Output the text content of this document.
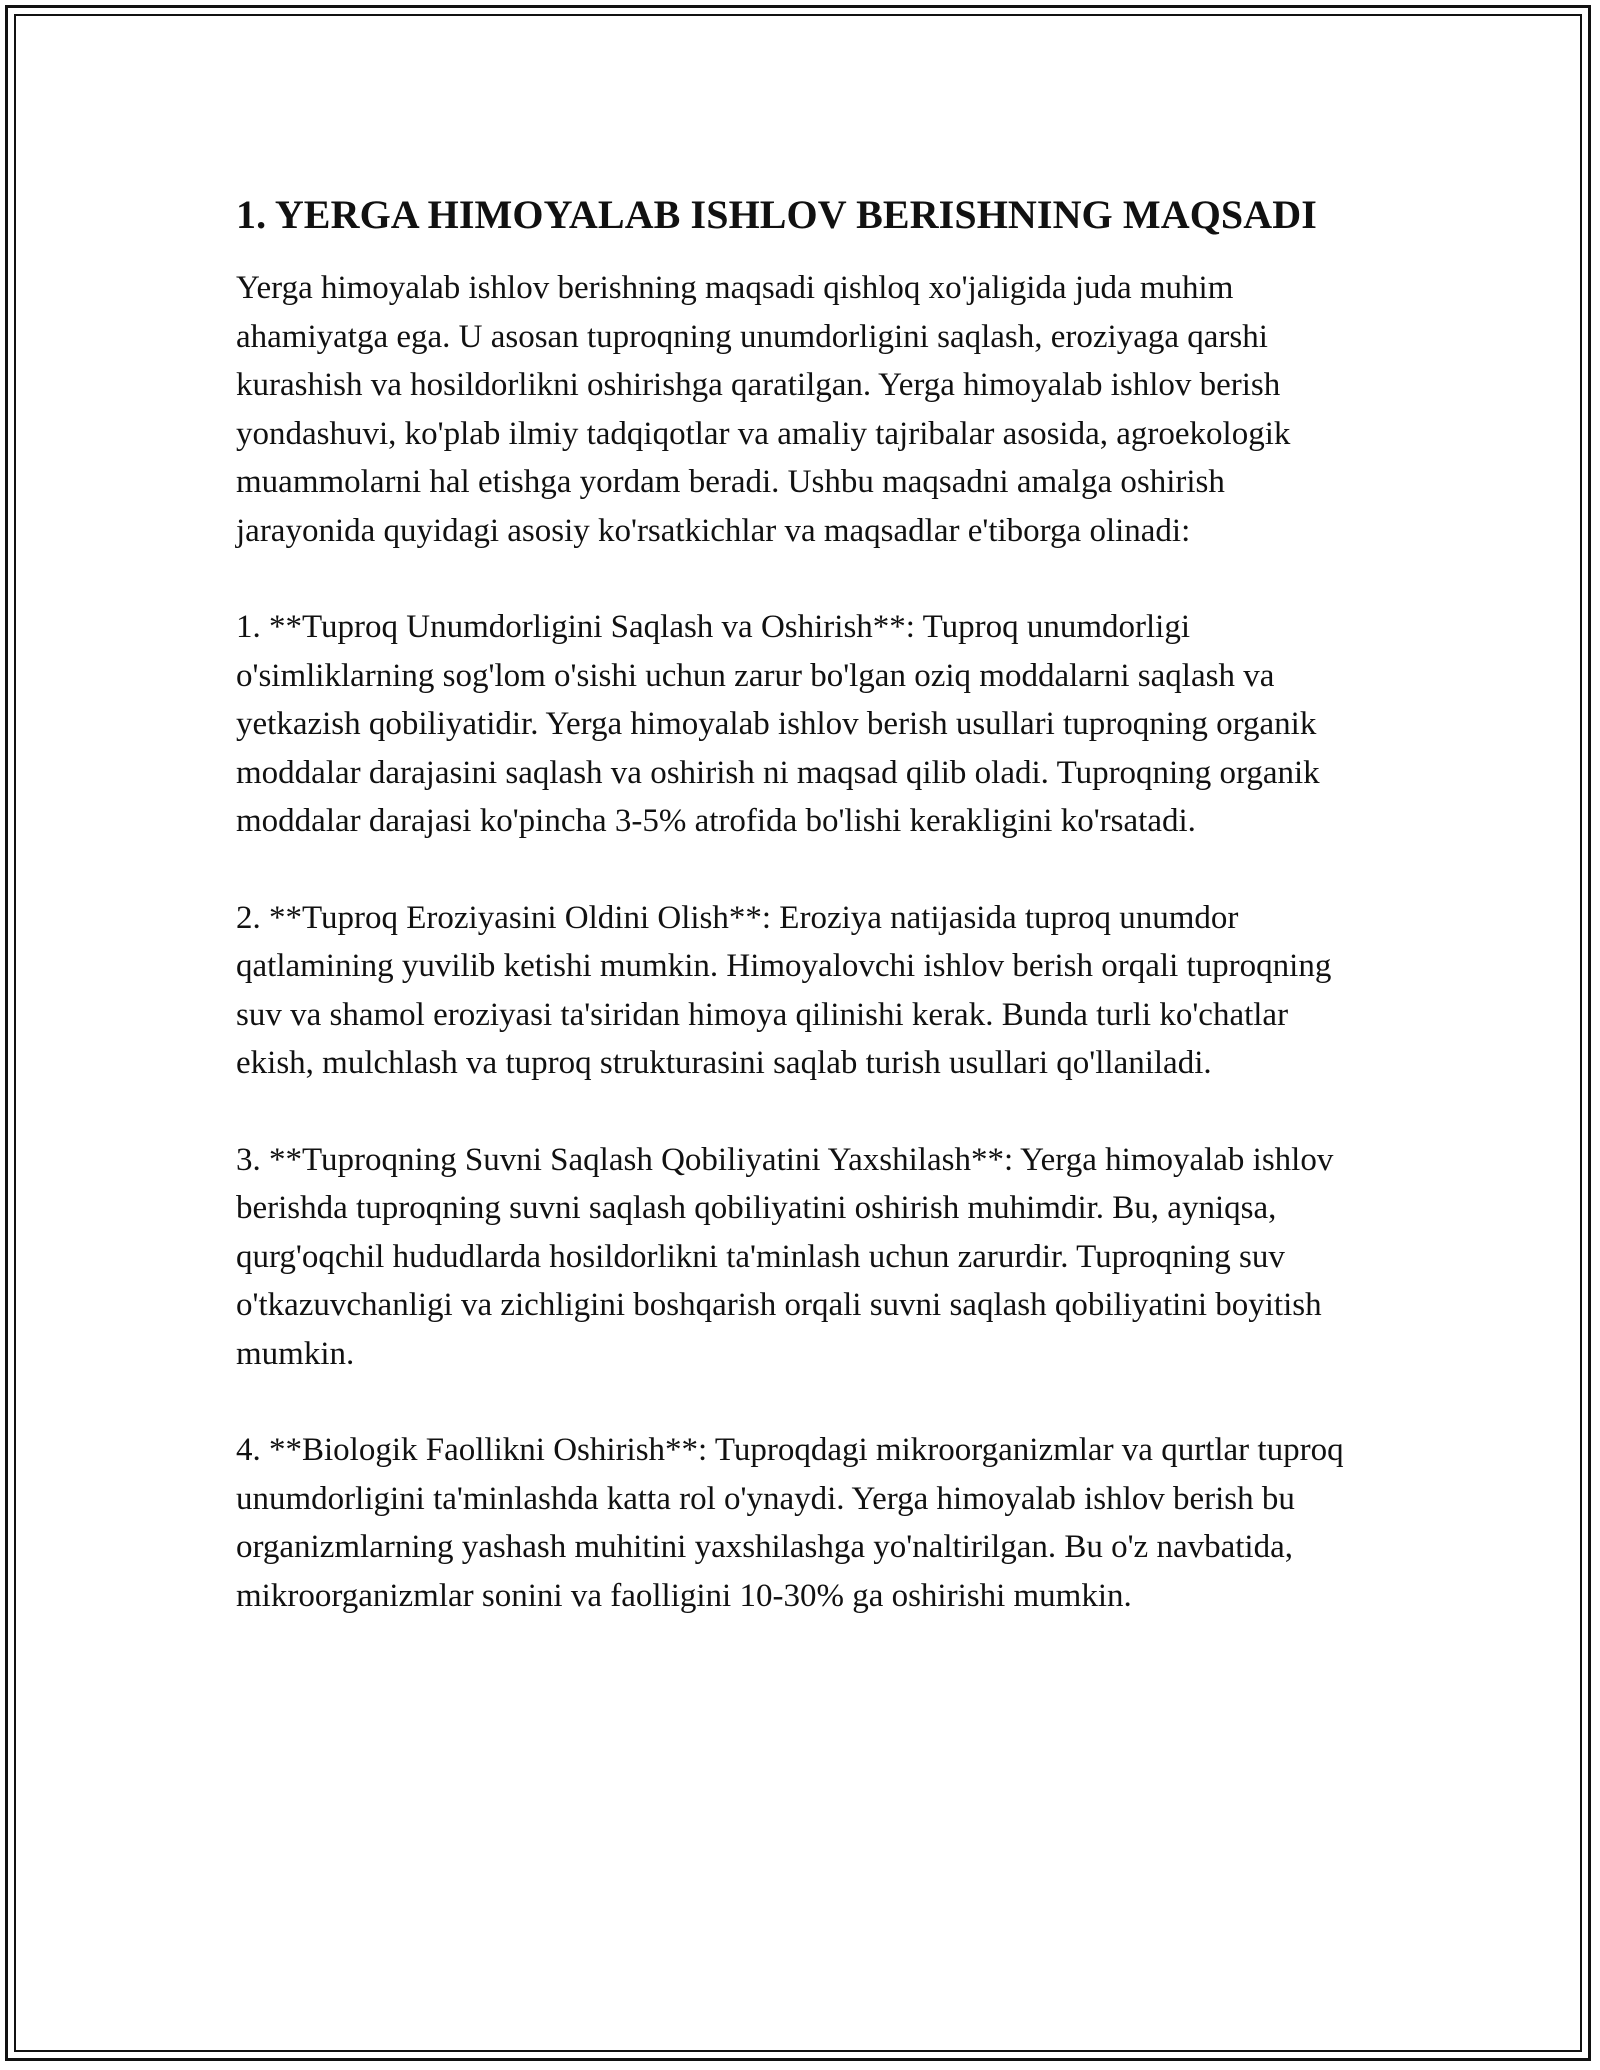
1. YERGA HIMOYALAB ISHLOV BERISHNING MAQSADI

Yerga himoyalab ishlov berishning maqsadi qishloq xo'jaligida juda muhim ahamiyatga ega. U asosan tuproqning unumdorligini saqlash, eroziyaga qarshi kurashish va hosildorlikni oshirishga qaratilgan. Yerga himoyalab ishlov berish yondashuvi, ko'plab ilmiy tadqiqotlar va amaliy tajribalar asosida, agroekologik muammolarni hal etishga yordam beradi. Ushbu maqsadni amalga oshirish jarayonida quyidagi asosiy ko'rsatkichlar va maqsadlar e'tiborga olinadi:

1. **Tuproq Unumdorligini Saqlash va Oshirish**: Tuproq unumdorligi o'simliklarning sog'lom o'sishi uchun zarur bo'lgan oziq moddalarni saqlash va yetkazish qobiliyatidir. Yerga himoyalab ishlov berish usullari tuproqning organik moddalar darajasini saqlash va oshirish ni maqsad qilib oladi. Tuproqning organik moddalar darajasi ko'pincha 3-5% atrofida bo'lishi kerakligini ko'rsatadi.

2. **Tuproq Eroziyasini Oldini Olish**: Eroziya natijasida tuproq unumdor qatlamining yuvilib ketishi mumkin. Himoyalovchi ishlov berish orqali tuproqning suv va shamol eroziyasi ta'siridan himoya qilinishi kerak. Bunda turli ko'chatlar ekish, mulchlash va tuproq strukturasini saqlab turish usullari qo'llaniladi.

3. **Tuproqning Suvni Saqlash Qobiliyatini Yaxshilash**: Yerga himoyalab ishlov berishda tuproqning suvni saqlash qobiliyatini oshirish muhimdir. Bu, ayniqsa, qurg'oqchil hududlarda hosildorlikni ta'minlash uchun zarurdir. Tuproqning suv o'tkazuvchanligi va zichligini boshqarish orqali suvni saqlash qobiliyatini boyitish mumkin.

4. **Biologik Faollikni Oshirish**: Tuproqdagi mikroorganizmlar va qurtlar tuproq unumdorligini ta'minlashda katta rol o'ynaydi. Yerga himoyalab ishlov berish bu organizmlarning yashash muhitini yaxshilashga yo'naltirilgan. Bu o'z navbatida, mikroorganizmlar sonini va faolligini 10-30% ga oshirishi mumkin.
